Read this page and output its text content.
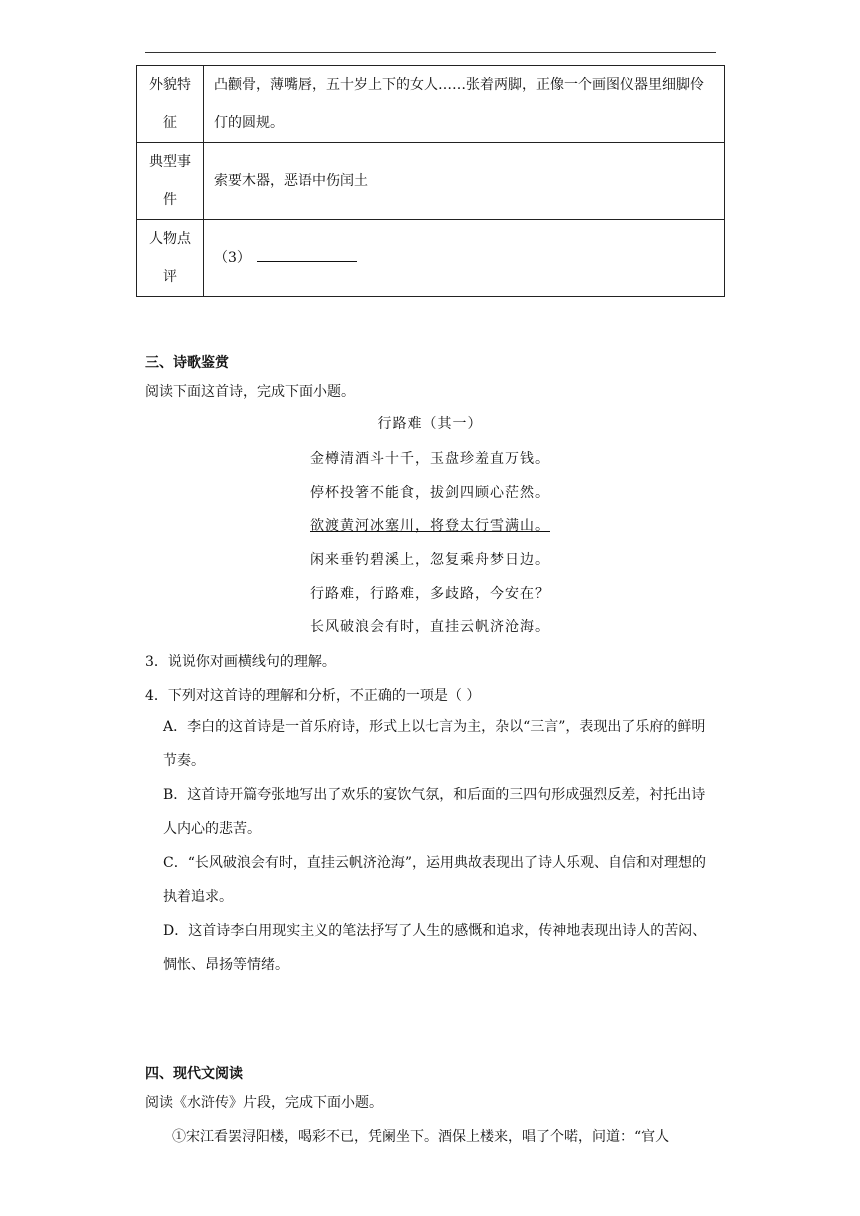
外貌特征	凸颧骨，薄嘴唇，五十岁上下的女人……张着两脚，正像一个画图仪器里细脚伶仃的圆规。
典型事件	索要木器，恶语中伤闰土
人物点评	（3）
三、诗歌鉴赏
阅读下面这首诗，完成下面小题。
行路难（其一）
金樽清酒斗十千，玉盘珍羞直万钱。
停杯投箸不能食，拔剑四顾心茫然。
欲渡黄河冰塞川，将登太行雪满山。
闲来垂钓碧溪上，忽复乘舟梦日边。
行路难，行路难，多歧路，今安在？
长风破浪会有时，直挂云帆济沧海。
3．说说你对画横线句的理解。
4．下列对这首诗的理解和分析，不正确的一项是（ ）
A．李白的这首诗是一首乐府诗，形式上以七言为主，杂以“三言”，表现出了乐府的鲜明节奏。
B．这首诗开篇夸张地写出了欢乐的宴饮气氛，和后面的三四句形成强烈反差，衬托出诗人内心的悲苦。
C．“长风破浪会有时，直挂云帆济沧海”，运用典故表现出了诗人乐观、自信和对理想的执着追求。
D．这首诗李白用现实主义的笔法抒写了人生的感慨和追求，传神地表现出诗人的苦闷、惆怅、昂扬等情绪。
四、现代文阅读
阅读《水浒传》片段，完成下面小题。
①宋江看罢浔阳楼，喝彩不已，凭阑坐下。酒保上楼来，唱了个喏，问道：“官人
